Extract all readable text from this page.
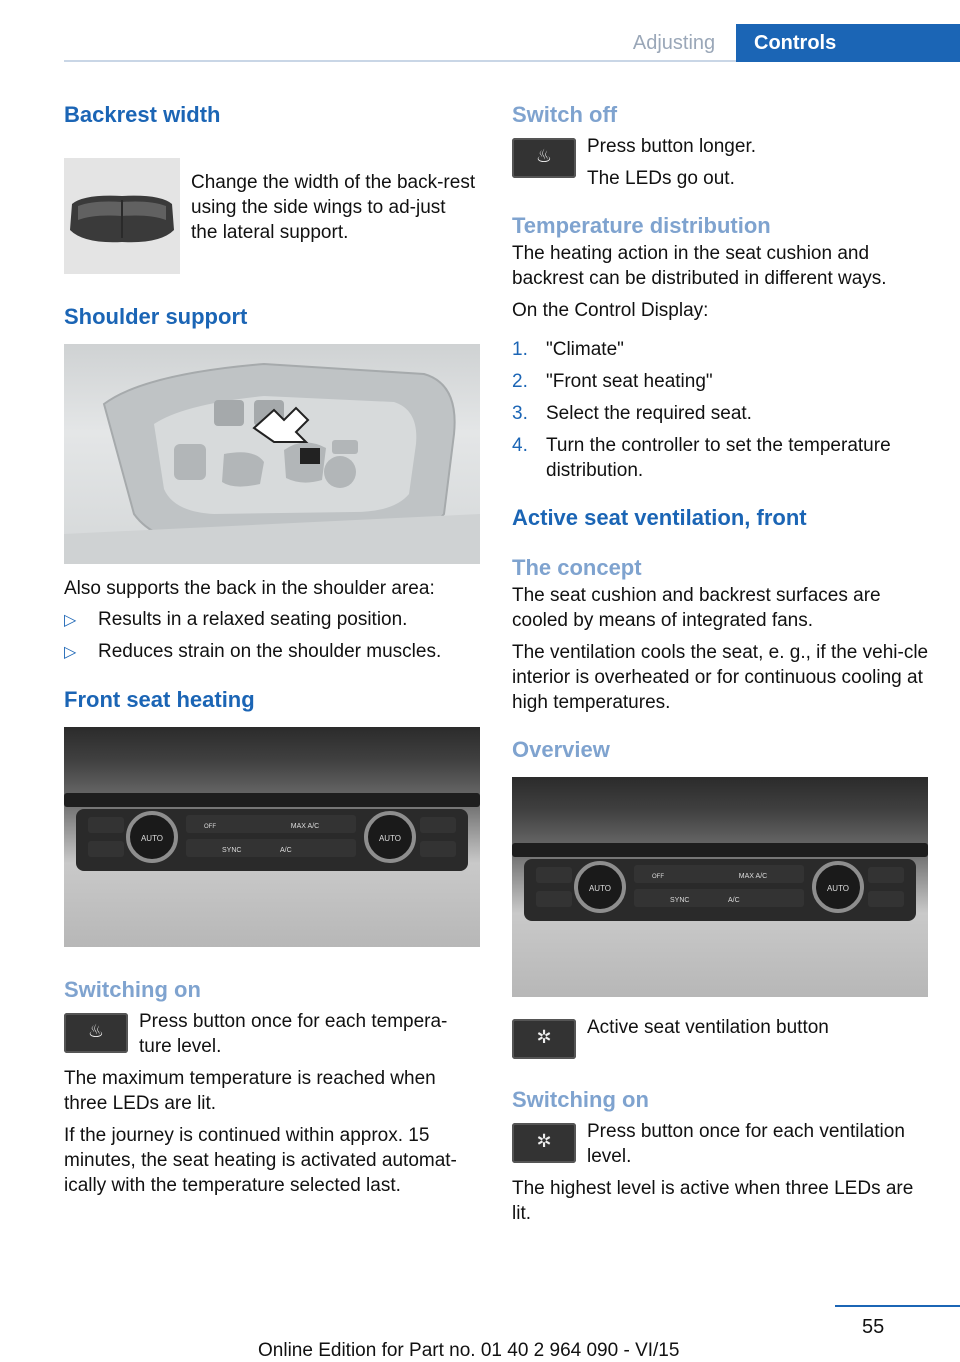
Adjusting	Controls
Backrest width

Change the width of the back-rest using the side wings to ad-just the lateral support.

Shoulder support

Also supports the back in the shoulder area:

▷ Results in a relaxed seating position.
▷ Reduces strain on the shoulder muscles.
Front seat heating
AUTO	AUTO
MAX A/C
OFF
SYNC	A/C
Switching on
♨	Press button once for each tempera-ture level.

The maximum temperature is reached when three LEDs are lit.

If the journey is continued within approx. 15 minutes, the seat heating is activated automat-ically with the temperature selected last.

Switch off
♨	Press button longer.

The LEDs go out.

Temperature distribution

The heating action in the seat cushion and backrest can be distributed in different ways.

On the Control Display:

1. "Climate"
2. "Front seat heating"
3. Select the required seat.
4. Turn the controller to set the temperature distribution.
Active seat ventilation, front
The concept

The seat cushion and backrest surfaces are cooled by means of integrated fans.

The ventilation cools the seat, e. g., if the vehi-cle interior is overheated or for continuous cooling at high temperatures.

Overview
AUTO	AUTO
MAX A/C
OFF
SYNC	A/C
✲	Active seat ventilation button

Switching on
✲	Press button once for each ventilation level.

The highest level is active when three LEDs are lit.

55
Online Edition for Part no. 01 40 2 964 090 - VI/15
